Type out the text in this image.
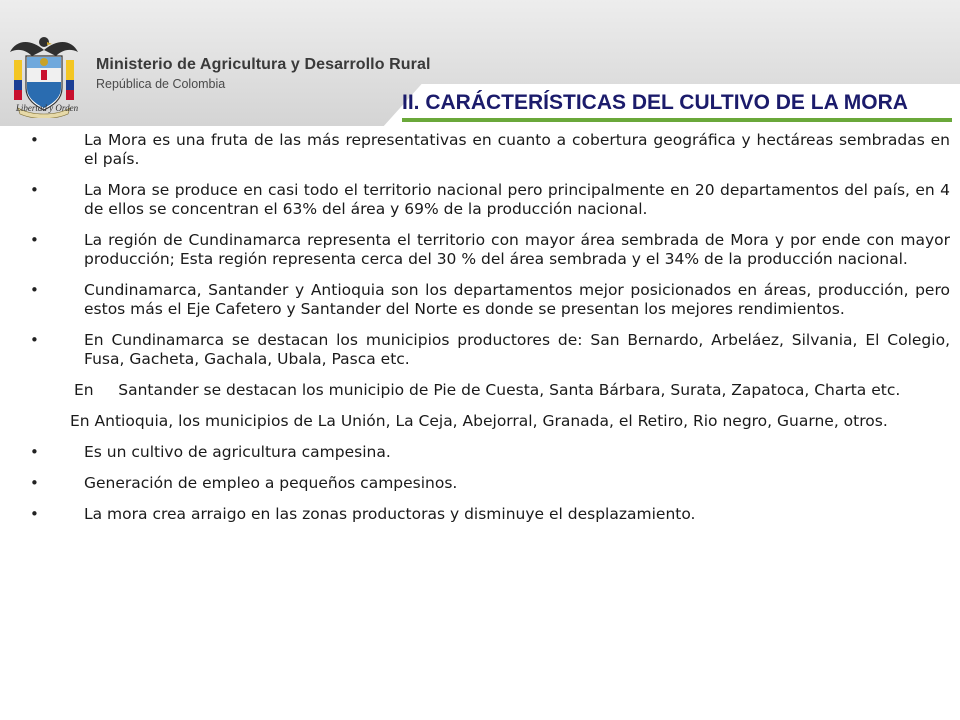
Libertad y Orden
Ministerio de Agricultura y Desarrollo Rural
República de Colombia
II. CARÁCTERÍSTICAS DEL CULTIVO DE LA MORA
•	La Mora es una fruta de las más representativas en cuanto a cobertura geográfica y hectáreas sembradas en el país.
•	La Mora se produce en casi todo el territorio nacional pero principalmente en 20 departamentos del país, en 4 de ellos se concentran el 63% del área y 69% de la producción nacional.
•	La región de Cundinamarca representa el territorio con mayor área sembrada de Mora y por ende con mayor producción; Esta región representa cerca del 30 % del área sembrada y el 34% de la producción nacional.
•	Cundinamarca, Santander y Antioquia son los departamentos mejor posicionados en áreas, producción, pero estos más el Eje Cafetero y Santander del Norte es donde se presentan los mejores rendimientos.
•	En Cundinamarca se destacan los municipios productores de: San Bernardo, Arbeláez, Silvania, El Colegio, Fusa, Gacheta, Gachala, Ubala, Pasca etc.
En     Santander se destacan los municipio de Pie de Cuesta, Santa Bárbara, Surata, Zapatoca, Charta etc.
En Antioquia, los municipios de La Unión, La Ceja, Abejorral, Granada, el Retiro, Rio negro, Guarne, otros.
•	Es un cultivo de agricultura campesina.
•	Generación de empleo a pequeños campesinos.
•	La mora crea arraigo en las zonas productoras y disminuye el desplazamiento.
